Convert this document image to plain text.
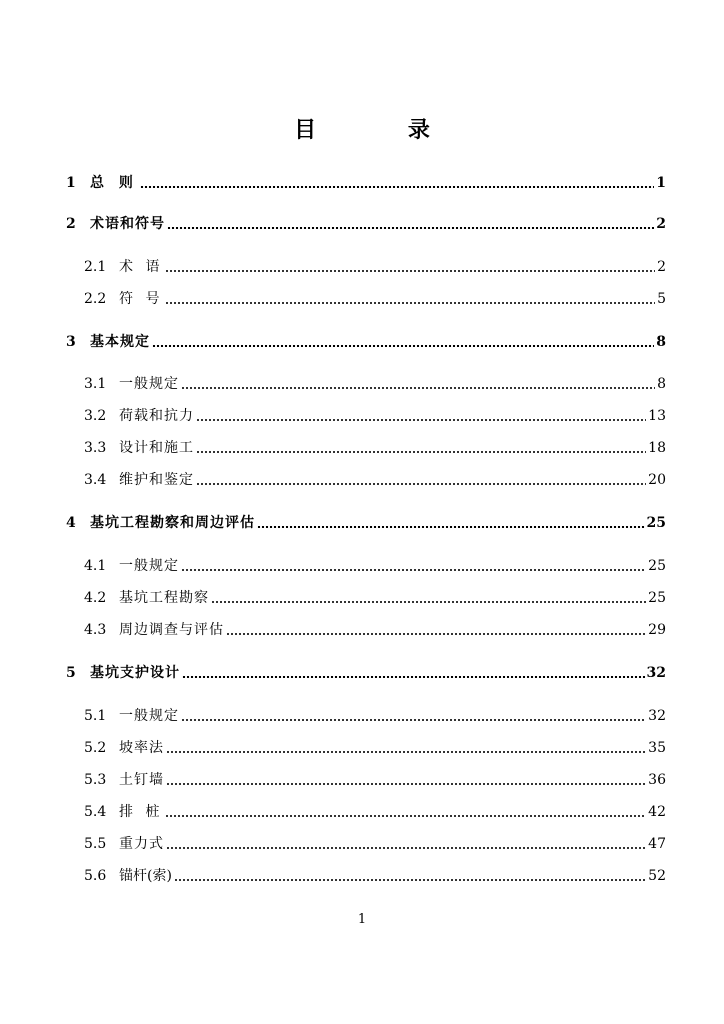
目 录
1	总 则	1
2	术语和符号	2
2.1 术 语	2
2.2 符 号	5
3	基本规定	8
3.1 一般规定	8
3.2 荷载和抗力	13
3.3 设计和施工	18
3.4 维护和鉴定	20
4	基坑工程勘察和周边评估	25
4.1 一般规定	25
4.2 基坑工程勘察	25
4.3 周边调查与评估	29
5	基坑支护设计	32
5.1 一般规定	32
5.2 坡率法	35
5.3 土钉墙	36
5.4 排 桩	42
5.5 重力式	47
5.6 锚杆(索)	52
1
